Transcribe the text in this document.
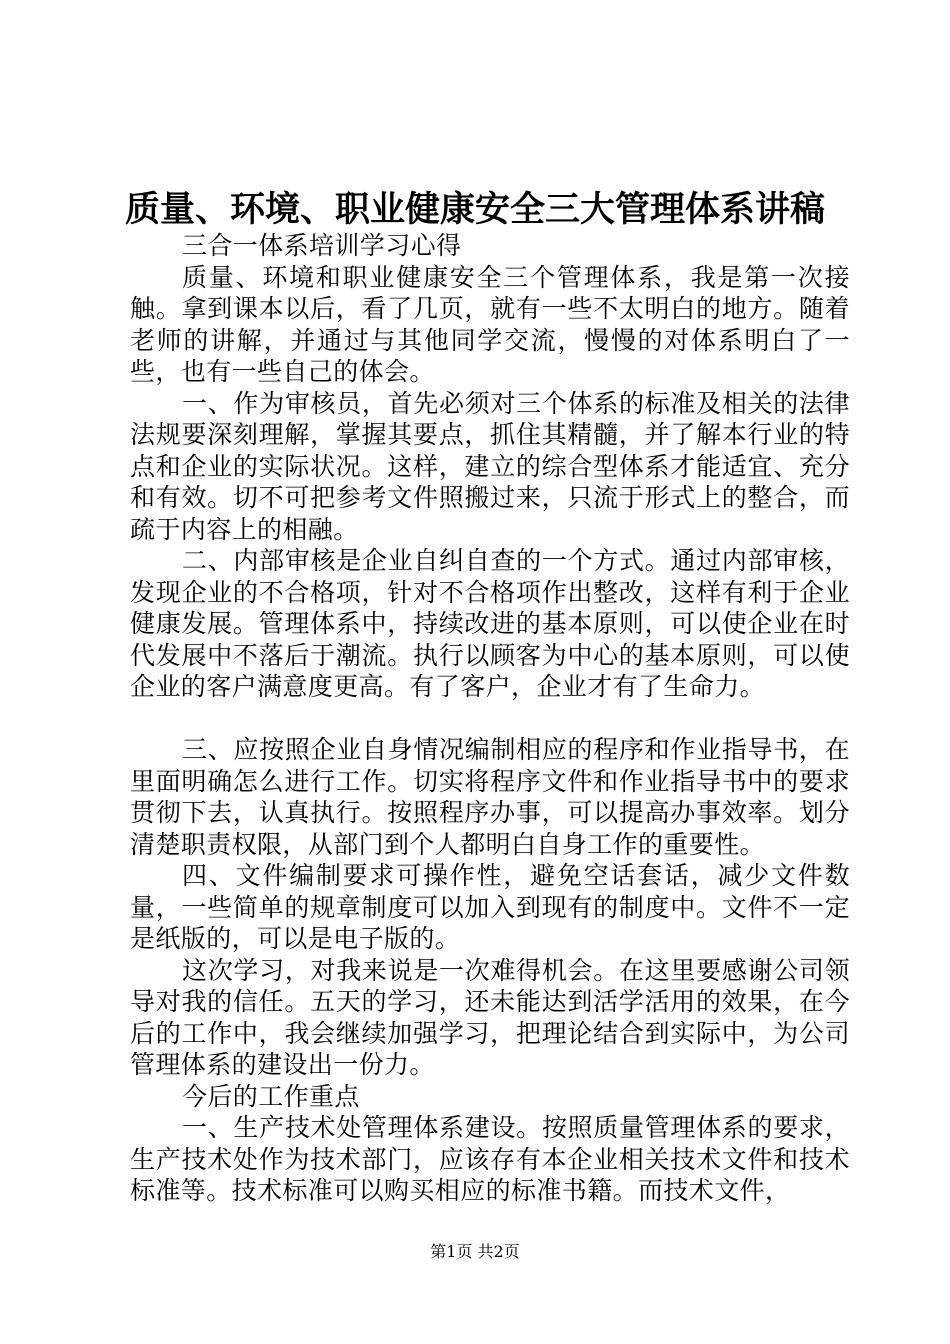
质量、环境、职业健康安全三大管理体系讲稿

三合一体系培训学习心得

质量、环境和职业健康安全三个管理体系，我是第一次接触。拿到课本以后，看了几页，就有一些不太明白的地方。随着老师的讲解，并通过与其他同学交流，慢慢的对体系明白了一些，也有一些自己的体会。

一、作为审核员，首先必须对三个体系的标准及相关的法律法规要深刻理解，掌握其要点，抓住其精髓，并了解本行业的特点和企业的实际状况。这样，建立的综合型体系才能适宜、充分和有效。切不可把参考文件照搬过来，只流于形式上的整合，而疏于内容上的相融。

二、内部审核是企业自纠自查的一个方式。通过内部审核，发现企业的不合格项，针对不合格项作出整改，这样有利于企业健康发展。管理体系中，持续改进的基本原则，可以使企业在时代发展中不落后于潮流。执行以顾客为中心的基本原则，可以使企业的客户满意度更高。有了客户，企业才有了生命力。

三、应按照企业自身情况编制相应的程序和作业指导书，在里面明确怎么进行工作。切实将程序文件和作业指导书中的要求贯彻下去，认真执行。按照程序办事，可以提高办事效率。划分清楚职责权限，从部门到个人都明白自身工作的重要性。

四、文件编制要求可操作性，避免空话套话，减少文件数量，一些简单的规章制度可以加入到现有的制度中。文件不一定是纸版的，可以是电子版的。

这次学习，对我来说是一次难得机会。在这里要感谢公司领导对我的信任。五天的学习，还未能达到活学活用的效果，在今后的工作中，我会继续加强学习，把理论结合到实际中，为公司管理体系的建设出一份力。

今后的工作重点

一、生产技术处管理体系建设。按照质量管理体系的要求，生产技术处作为技术部门，应该存有本企业相关技术文件和技术标准等。技术标准可以购买相应的标准书籍。而技术文件，

第1页 共2页
